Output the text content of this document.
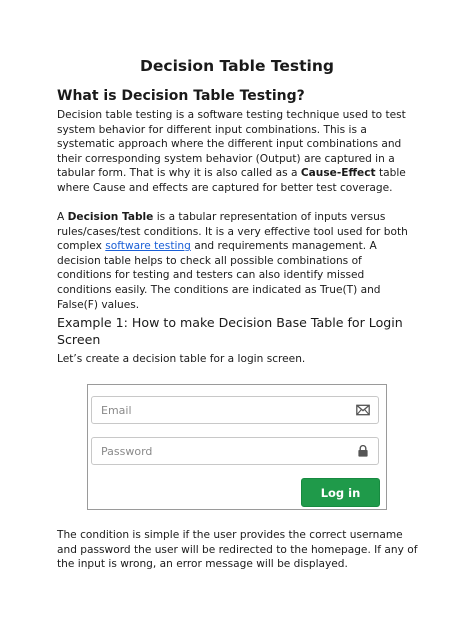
Decision Table Testing
What is Decision Table Testing?

Decision table testing is a software testing technique used to test system behavior for different input combinations. This is a systematic approach where the different input combinations and their corresponding system behavior (Output) are captured in a tabular form. That is why it is also called as a Cause-Effect table where Cause and effects are captured for better test coverage.

A Decision Table is a tabular representation of inputs versus rules/cases/test conditions. It is a very effective tool used for both complex software testing and requirements management. A decision table helps to check all possible combinations of conditions for testing and testers can also identify missed conditions easily. The conditions are indicated as True(T) and False(F) values.

Example 1: How to make Decision Base Table for Login Screen

Let’s create a decision table for a login screen.

Email
Log in

The condition is simple if the user provides the correct username and password the user will be redirected to the homepage. If any of the input is wrong, an error message will be displayed.
